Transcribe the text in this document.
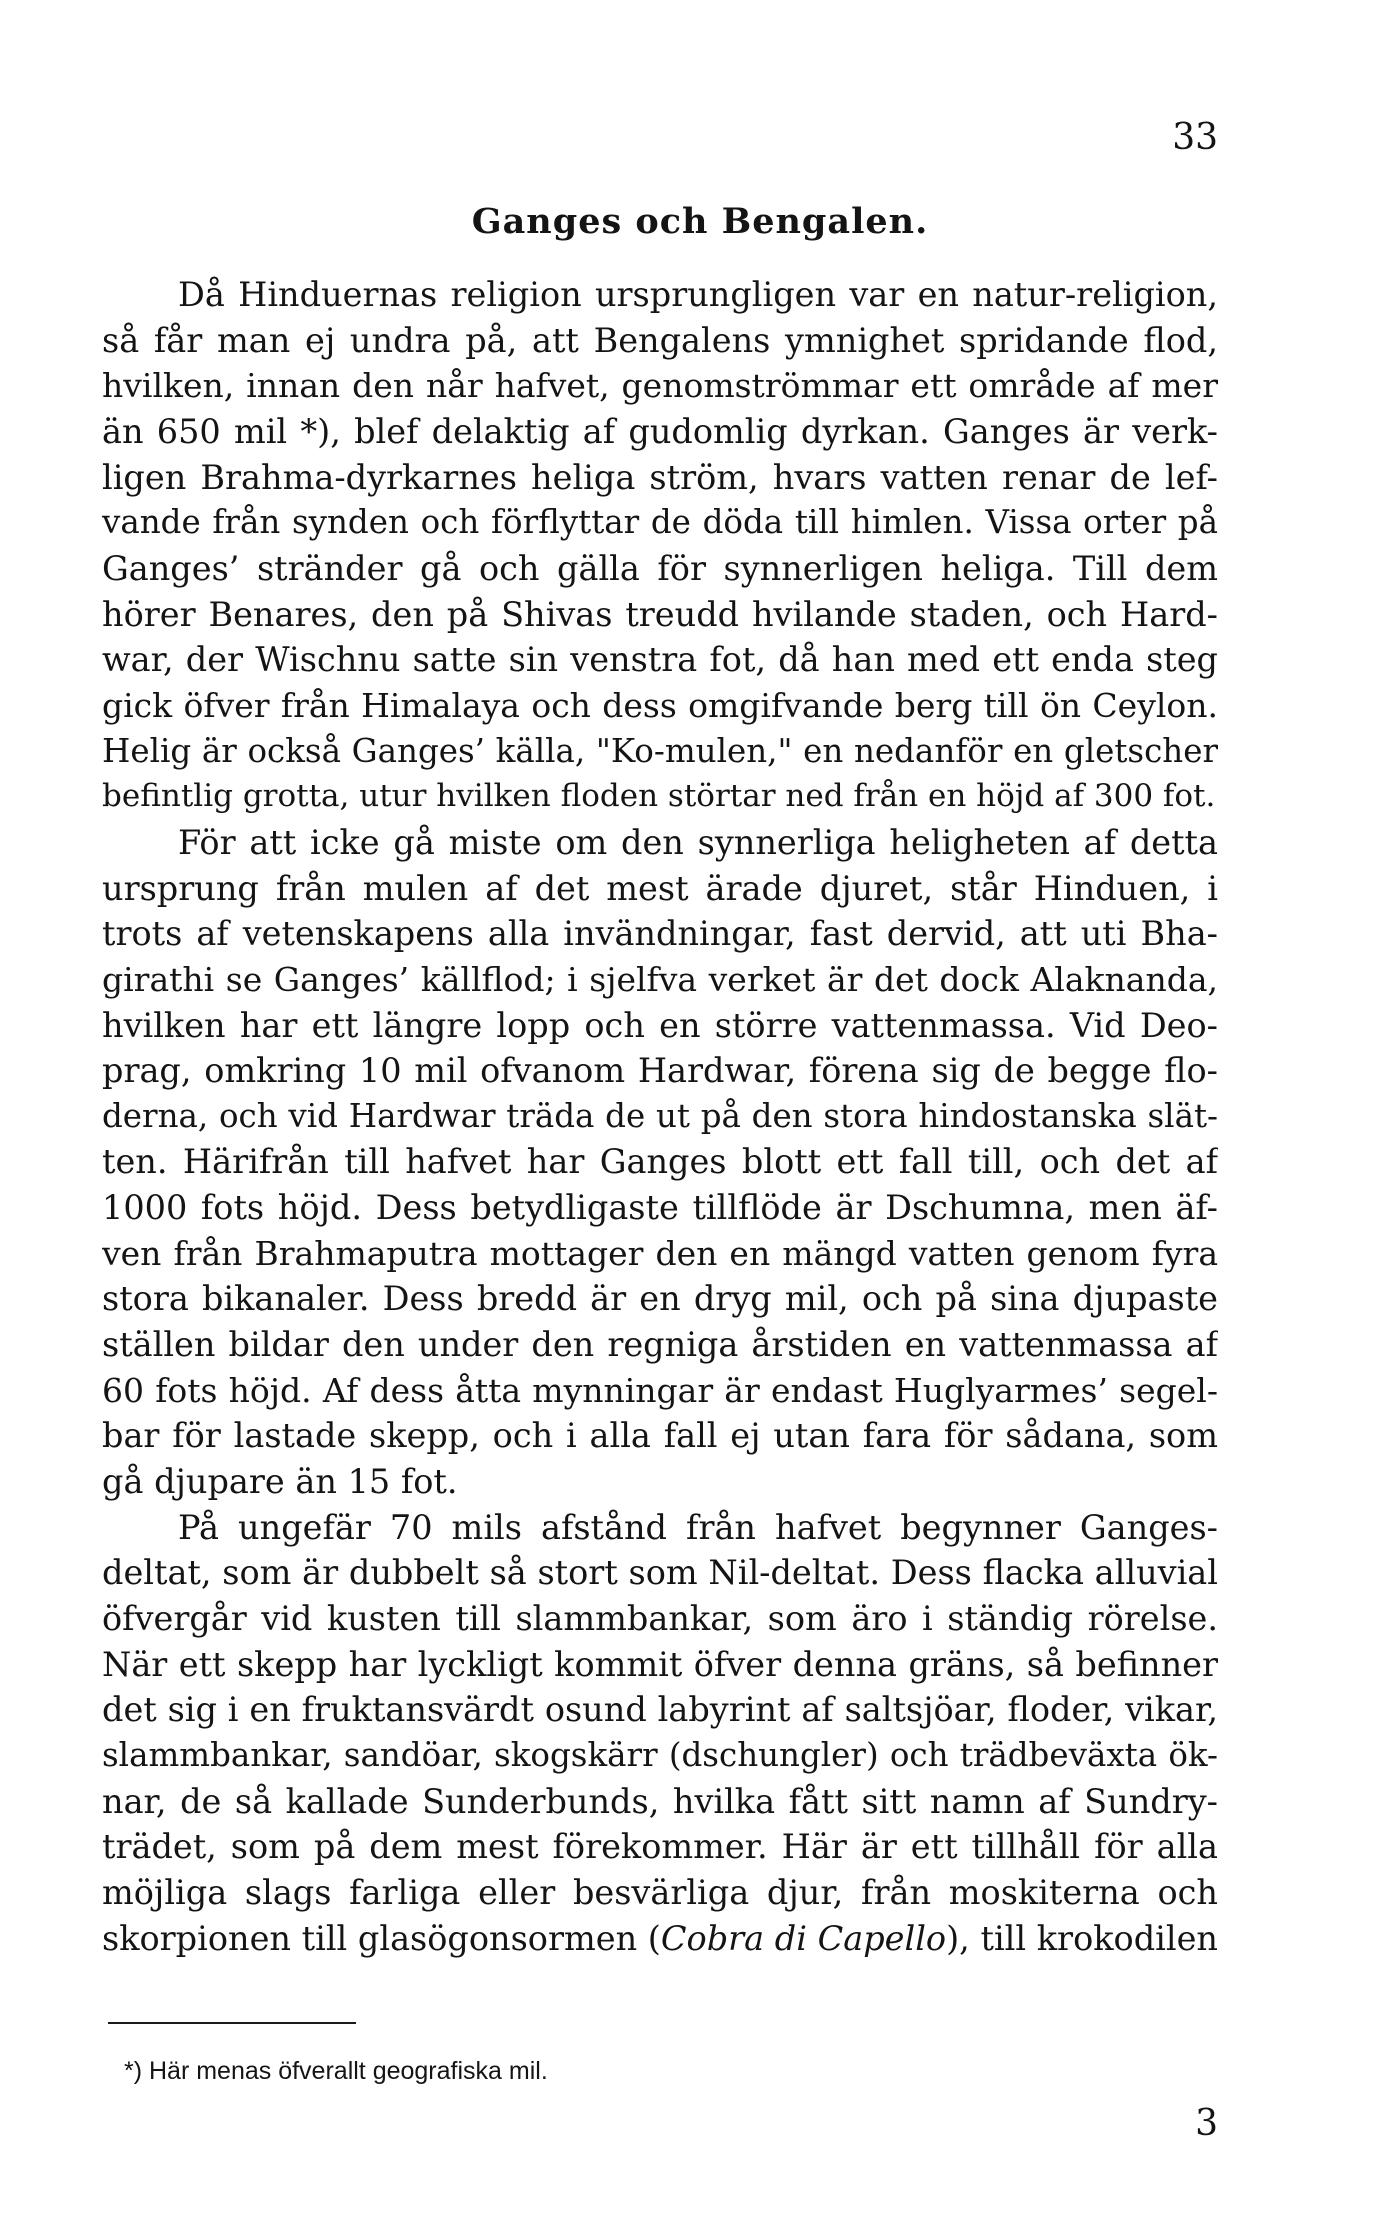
33
Ganges och Bengalen.
Då Hinduernas religion ursprungligen var en natur-religion,
så får man ej undra på, att Bengalens ymnighet spridande flod,
hvilken, innan den når hafvet, genomströmmar ett område af mer
än 650 mil *), blef delaktig af gudomlig dyrkan. Ganges är verk-
ligen Brahma-dyrkarnes heliga ström, hvars vatten renar de lef-
vande från synden och förflyttar de döda till himlen. Vissa orter på
Ganges’ stränder gå och gälla för synnerligen heliga. Till dem
hörer Benares, den på Shivas treudd hvilande staden, och Hard-
war, der Wischnu satte sin venstra fot, då han med ett enda steg
gick öfver från Himalaya och dess omgifvande berg till ön Ceylon.
Helig är också Ganges’ källa, "Ko-mulen," en nedanför en gletscher
befintlig grotta, utur hvilken floden störtar ned från en höjd af 300 fot.
För att icke gå miste om den synnerliga heligheten af detta
ursprung från mulen af det mest ärade djuret, står Hinduen, i
trots af vetenskapens alla invändningar, fast dervid, att uti Bha-
girathi se Ganges’ källflod; i sjelfva verket är det dock Alaknanda,
hvilken har ett längre lopp och en större vattenmassa. Vid Deo-
prag, omkring 10 mil ofvanom Hardwar, förena sig de begge flo-
derna, och vid Hardwar träda de ut på den stora hindostanska slät-
ten. Härifrån till hafvet har Ganges blott ett fall till, och det af
1000 fots höjd. Dess betydligaste tillflöde är Dschumna, men äf-
ven från Brahmaputra mottager den en mängd vatten genom fyra
stora bikanaler. Dess bredd är en dryg mil, och på sina djupaste
ställen bildar den under den regniga årstiden en vattenmassa af
60 fots höjd. Af dess åtta mynningar är endast Huglyarmes’ segel-
bar för lastade skepp, och i alla fall ej utan fara för sådana, som
gå djupare än 15 fot.
På ungefär 70 mils afstånd från hafvet begynner Ganges-
deltat, som är dubbelt så stort som Nil-deltat. Dess flacka alluvial
öfvergår vid kusten till slammbankar, som äro i ständig rörelse.
När ett skepp har lyckligt kommit öfver denna gräns, så befinner
det sig i en fruktansvärdt osund labyrint af saltsjöar, floder, vikar,
slammbankar, sandöar, skogskärr (dschungler) och trädbeväxta ök-
nar, de så kallade Sunderbunds, hvilka fått sitt namn af Sundry-
trädet, som på dem mest förekommer. Här är ett tillhåll för alla
möjliga slags farliga eller besvärliga djur, från moskiterna och
skorpionen till glasögonsormen (Cobra di Capello), till krokodilen
*) Här menas öfverallt geografiska mil.
3
